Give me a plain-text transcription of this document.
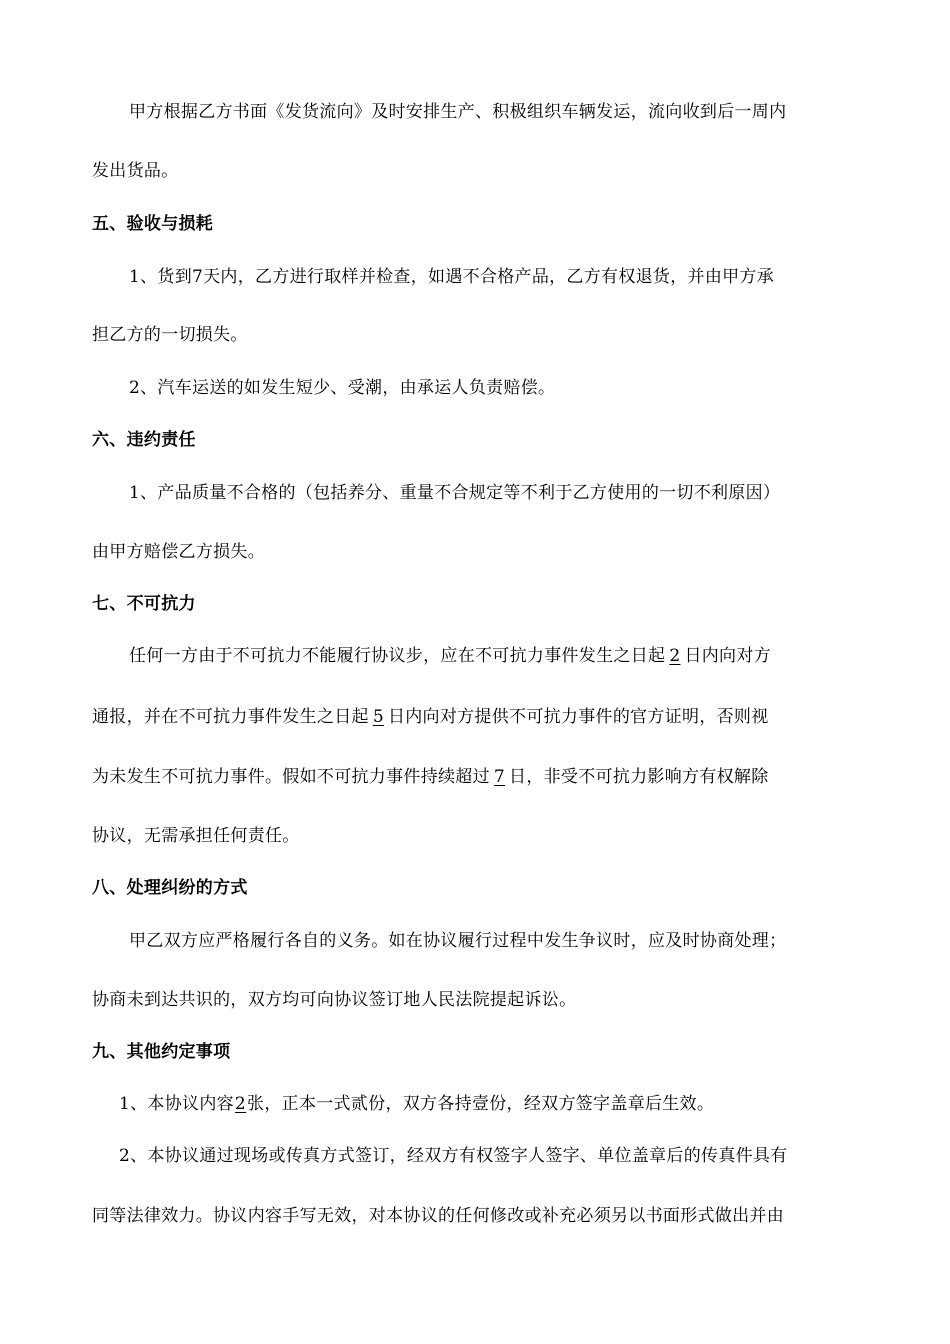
甲方根据乙方书面《发货流向》及时安排生产、积极组织车辆发运，流向收到后一周内
发出货品。
五、验收与损耗
1、货到7天内，乙方进行取样并检查，如遇不合格产品，乙方有权退货，并由甲方承
担乙方的一切损失。
2、汽车运送的如发生短少、受潮，由承运人负责赔偿。
六、违约责任
1、产品质量不合格的（包括养分、重量不合规定等不利于乙方使用的一切不利原因）
由甲方赔偿乙方损失。
七、不可抗力
任何一方由于不可抗力不能履行协议步，应在不可抗力事件发生之日起 2 日内向对方
通报，并在不可抗力事件发生之日起 5 日内向对方提供不可抗力事件的官方证明，否则视
为未发生不可抗力事件。假如不可抗力事件持续超过 7 日，非受不可抗力影响方有权解除
协议，无需承担任何责任。
八、处理纠纷的方式
甲乙双方应严格履行各自的义务。如在协议履行过程中发生争议时，应及时协商处理；
协商未到达共识的，双方均可向协议签订地人民法院提起诉讼。
九、其他约定事项
1、本协议内容2张，正本一式贰份，双方各持壹份，经双方签字盖章后生效。
2、本协议通过现场或传真方式签订，经双方有权签字人签字、单位盖章后的传真件具有
同等法律效力。协议内容手写无效，对本协议的任何修改或补充必须另以书面形式做出并由
